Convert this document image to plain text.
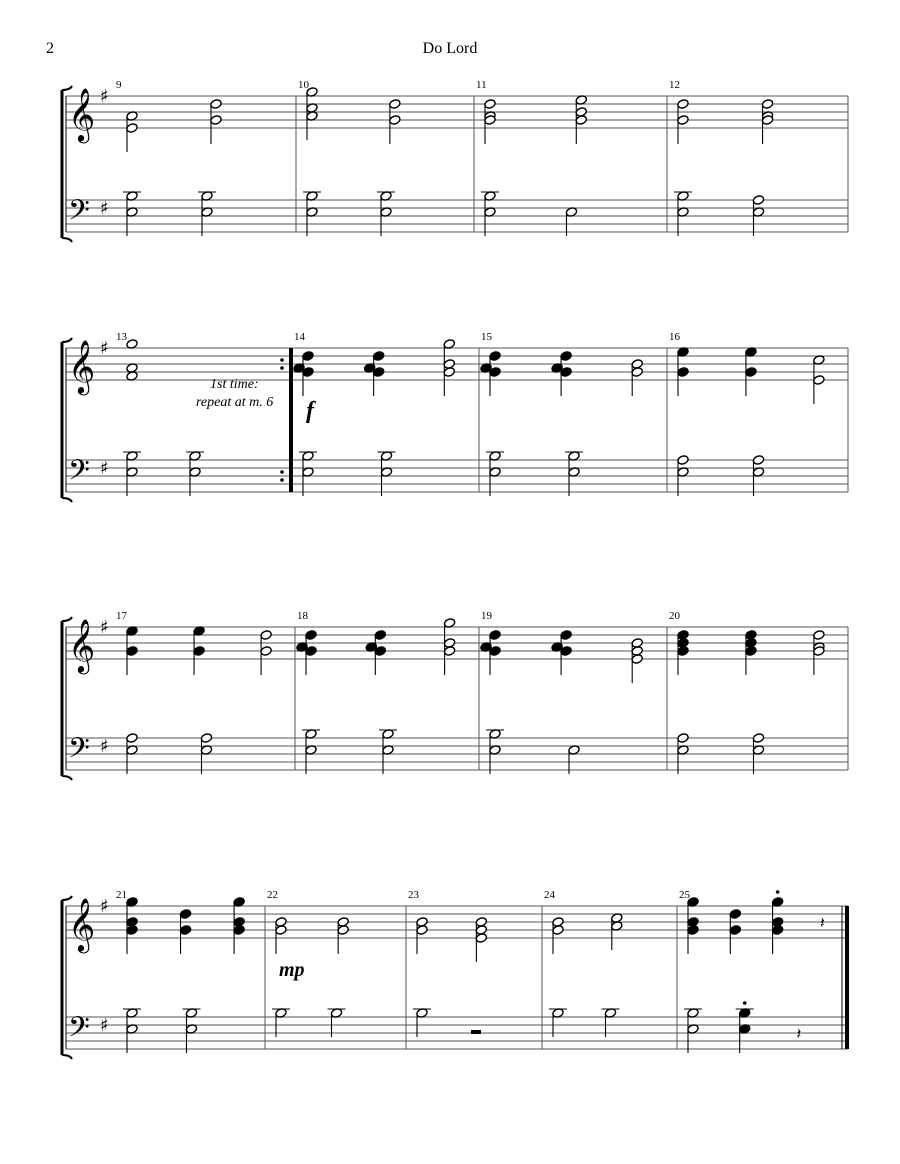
2	Do Lord
𝄞
𝄢
♯
♯
9	10	11	12
𝄞
𝄢
♯
♯
13
1st time:
repeat at m. 6
14
f
15	16
𝄞
𝄢
♯
♯
17	18	19	20
𝄞
𝄢
♯
♯
21	22
mp
23	24	25
𝄽
𝄽
